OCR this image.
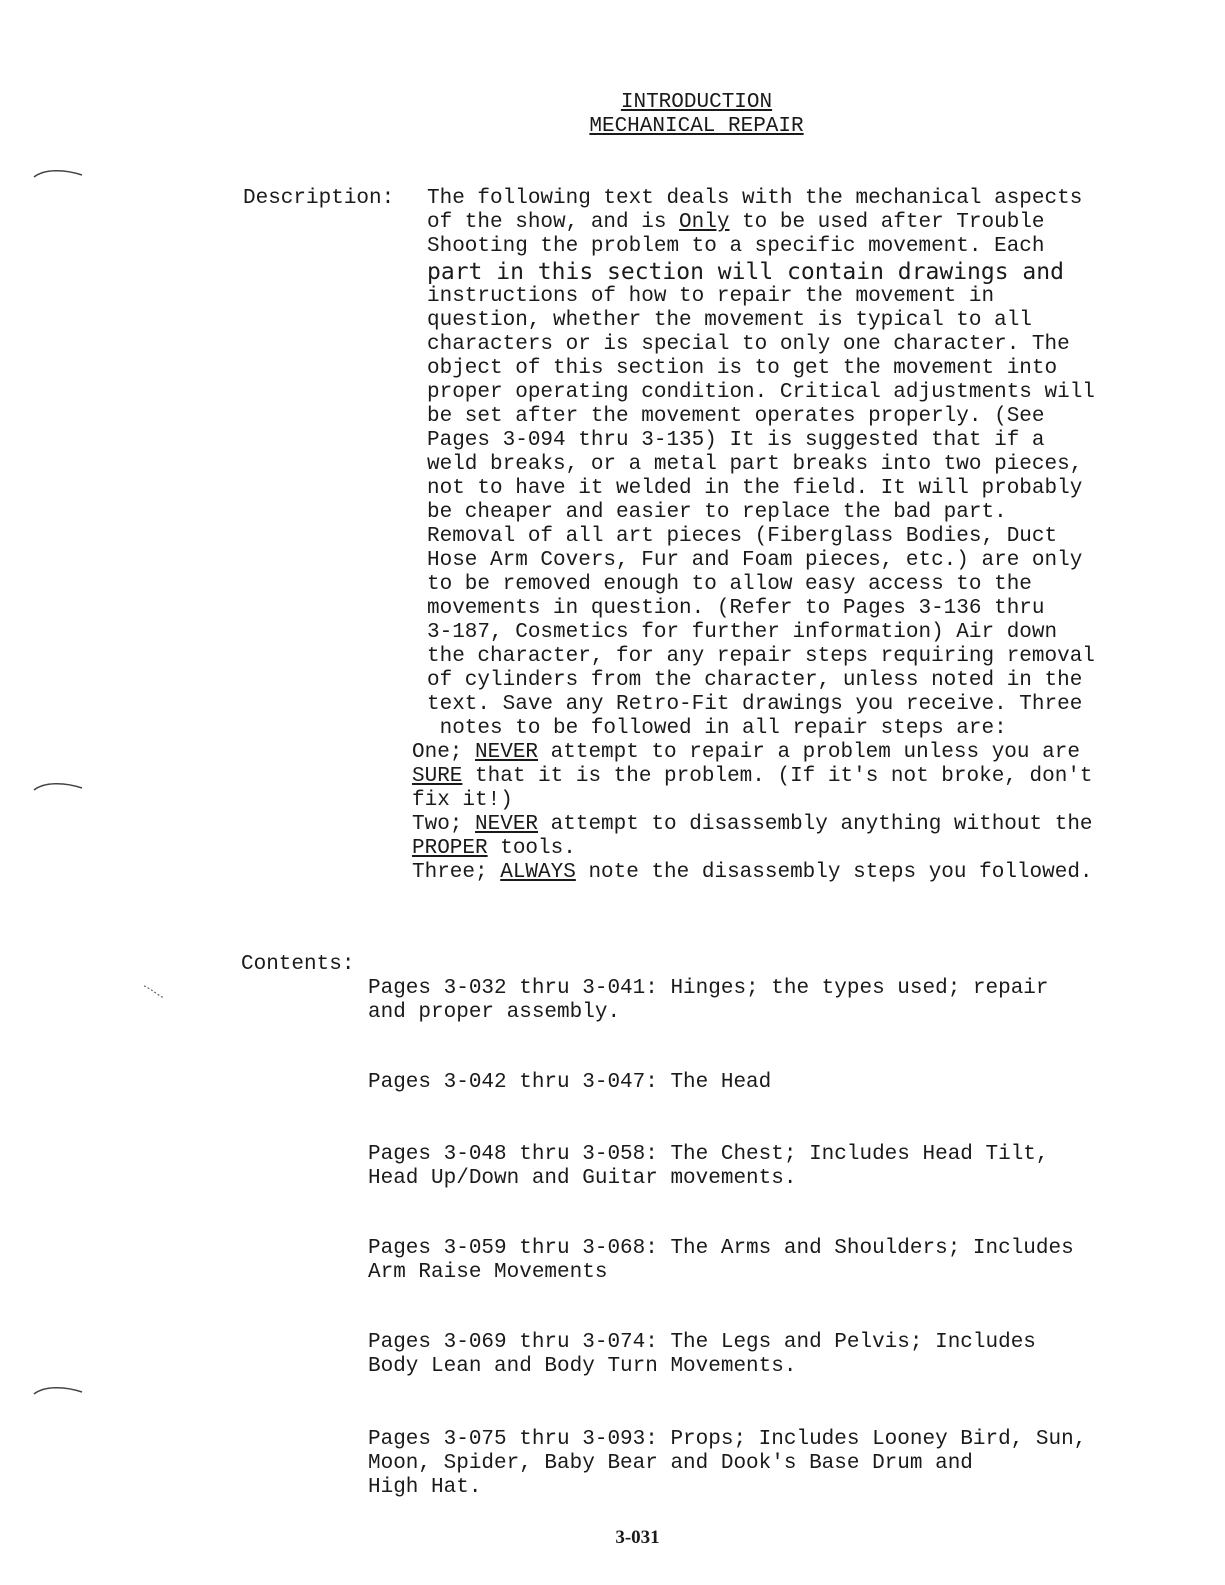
INTRODUCTION
MECHANICAL REPAIR
Description: The following text deals with the mechanical aspects
of the show, and is Only to be used after Trouble
Shooting the problem to a specific movement. Each
part in this section will contain drawings and
instructions of how to repair the movement in
question, whether the movement is typical to all
characters or is special to only one character. The
object of this section is to get the movement into
proper operating condition. Critical adjustments will
be set after the movement operates properly. (See
Pages 3-094 thru 3-135) It is suggested that if a
weld breaks, or a metal part breaks into two pieces,
not to have it welded in the field. It will probably
be cheaper and easier to replace the bad part.
Removal of all art pieces (Fiberglass Bodies, Duct
Hose Arm Covers, Fur and Foam pieces, etc.) are only
to be removed enough to allow easy access to the
movements in question. (Refer to Pages 3-136 thru
3-187, Cosmetics for further information) Air down
the character, for any repair steps requiring removal
of cylinders from the character, unless noted in the
text. Save any Retro-Fit drawings you receive. Three
notes to be followed in all repair steps are:
One; NEVER attempt to repair a problem unless you are
SURE that it is the problem. (If it's not broke, don't
fix it!)
Two; NEVER attempt to disassembly anything without the
PROPER tools.
Three; ALWAYS note the disassembly steps you followed.
Contents:
Pages 3-032 thru 3-041: Hinges; the types used; repair
and proper assembly.
Pages 3-042 thru 3-047: The Head
Pages 3-048 thru 3-058: The Chest; Includes Head Tilt,
Head Up/Down and Guitar movements.
Pages 3-059 thru 3-068: The Arms and Shoulders; Includes
Arm Raise Movements
Pages 3-069 thru 3-074: The Legs and Pelvis; Includes
Body Lean and Body Turn Movements.
Pages 3-075 thru 3-093: Props; Includes Looney Bird, Sun,
Moon, Spider, Baby Bear and Dook's Base Drum and
High Hat.
3-031
